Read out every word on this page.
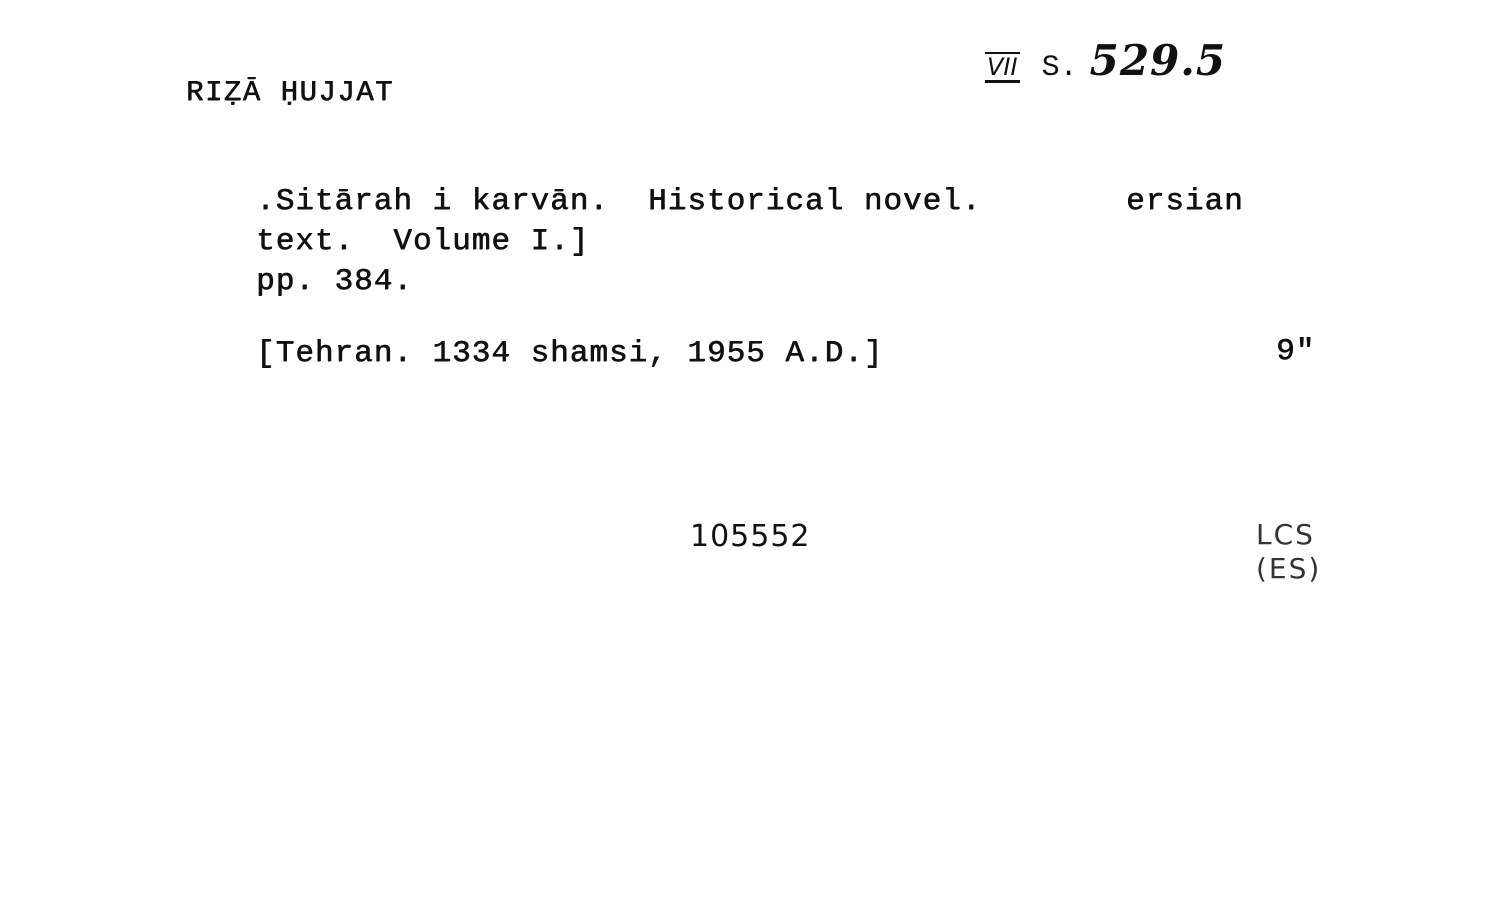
RIẒĀ ḤUJJAT
VII S. 529.5
.Sitārah i karvān.  Historical novel.	ersian
text.  Volume I.]
pp. 384.
[Tehran. 1334 shamsi, 1955 A.D.]	9"
105552	LCS
(ES)
